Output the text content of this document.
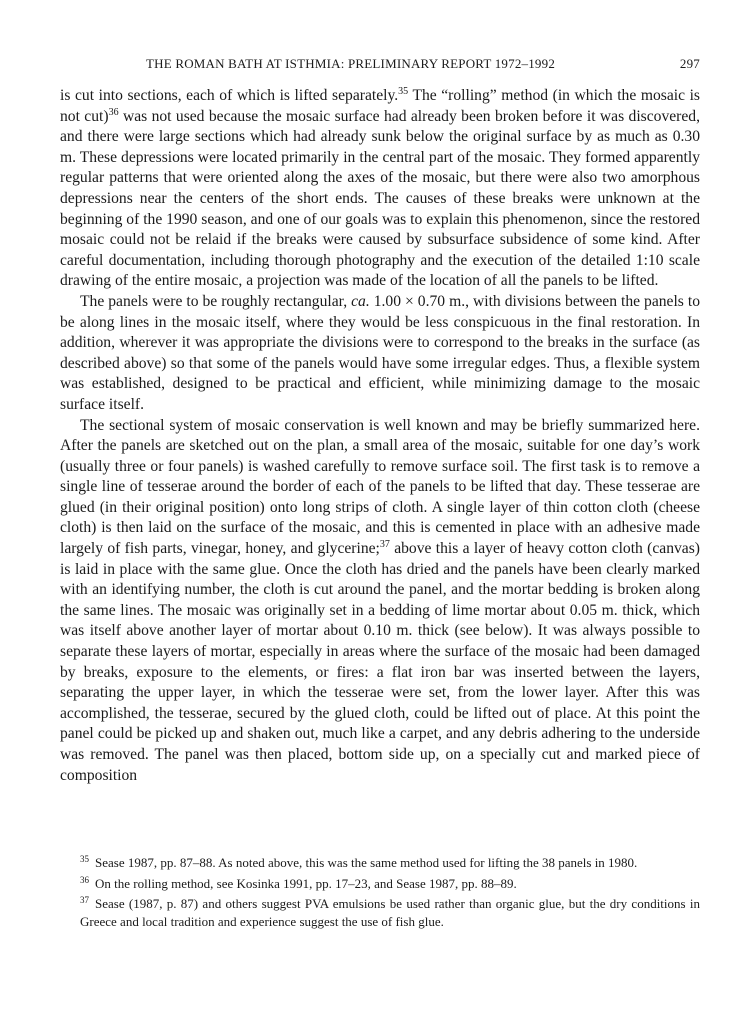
THE ROMAN BATH AT ISTHMIA: PRELIMINARY REPORT 1972–1992	297

is cut into sections, each of which is lifted separately.$^{35}$ The “rolling” method (in which the mosaic is not cut)$^{36}$ was not used because the mosaic surface had already been broken before it was discovered, and there were large sections which had already sunk below the original surface by as much as 0.30 m. These depressions were located primarily in the central part of the mosaic. They formed apparently regular patterns that were oriented along the axes of the mosaic, but there were also two amorphous depressions near the centers of the short ends. The causes of these breaks were unknown at the beginning of the 1990 season, and one of our goals was to explain this phenomenon, since the restored mosaic could not be relaid if the breaks were caused by subsurface subsidence of some kind. After careful documentation, including thorough photography and the execution of the detailed 1:10 scale drawing of the entire mosaic, a projection was made of the location of all the panels to be lifted.

The panels were to be roughly rectangular, ca. 1.00 × 0.70 m., with divisions between the panels to be along lines in the mosaic itself, where they would be less conspicuous in the final restoration. In addition, wherever it was appropriate the divisions were to correspond to the breaks in the surface (as described above) so that some of the panels would have some irregular edges. Thus, a flexible system was established, designed to be practical and efficient, while minimizing damage to the mosaic surface itself.

The sectional system of mosaic conservation is well known and may be briefly summarized here. After the panels are sketched out on the plan, a small area of the mosaic, suitable for one day’s work (usually three or four panels) is washed carefully to remove surface soil. The first task is to remove a single line of tesserae around the border of each of the panels to be lifted that day. These tesserae are glued (in their original position) onto long strips of cloth. A single layer of thin cotton cloth (cheese cloth) is then laid on the surface of the mosaic, and this is cemented in place with an adhesive made largely of fish parts, vinegar, honey, and glycerine;$^{37}$ above this a layer of heavy cotton cloth (canvas) is laid in place with the same glue. Once the cloth has dried and the panels have been clearly marked with an identifying number, the cloth is cut around the panel, and the mortar bedding is broken along the same lines. The mosaic was originally set in a bedding of lime mortar about 0.05 m. thick, which was itself above another layer of mortar about 0.10 m. thick (see below). It was always possible to separate these layers of mortar, especially in areas where the surface of the mosaic had been damaged by breaks, exposure to the elements, or fires: a flat iron bar was inserted between the layers, separating the upper layer, in which the tesserae were set, from the lower layer. After this was accomplished, the tesserae, secured by the glued cloth, could be lifted out of place. At this point the panel could be picked up and shaken out, much like a carpet, and any debris adhering to the underside was removed. The panel was then placed, bottom side up, on a specially cut and marked piece of composition

$^{35}$ Sease 1987, pp. 87–88. As noted above, this was the same method used for lifting the 38 panels in 1980.

$^{36}$ On the rolling method, see Kosinka 1991, pp. 17–23, and Sease 1987, pp. 88–89.

$^{37}$ Sease (1987, p. 87) and others suggest PVA emulsions be used rather than organic glue, but the dry conditions in Greece and local tradition and experience suggest the use of fish glue.
